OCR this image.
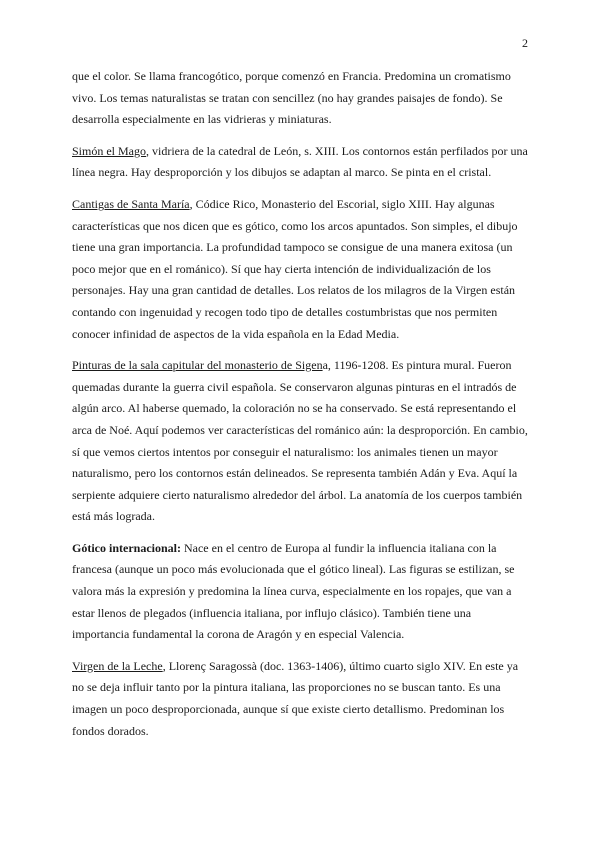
2

que el color. Se llama francogótico, porque comenzó en Francia. Predomina un cromatismo vivo. Los temas naturalistas se tratan con sencillez (no hay grandes paisajes de fondo). Se desarrolla especialmente en las vidrieras y miniaturas.

Simón el Mago, vidriera de la catedral de León, s. XIII. Los contornos están perfilados por una línea negra. Hay desproporción y los dibujos se adaptan al marco. Se pinta en el cristal.

Cantigas de Santa María, Códice Rico, Monasterio del Escorial, siglo XIII. Hay algunas características que nos dicen que es gótico, como los arcos apuntados. Son simples, el dibujo tiene una gran importancia. La profundidad tampoco se consigue de una manera exitosa (un poco mejor que en el románico). Sí que hay cierta intención de individualización de los personajes. Hay una gran cantidad de detalles. Los relatos de los milagros de la Virgen están contando con ingenuidad y recogen todo tipo de detalles costumbristas que nos permiten conocer infinidad de aspectos de la vida española en la Edad Media.

Pinturas de la sala capitular del monasterio de Sigena, 1196-1208. Es pintura mural. Fueron quemadas durante la guerra civil española. Se conservaron algunas pinturas en el intradós de algún arco. Al haberse quemado, la coloración no se ha conservado. Se está representando el arca de Noé. Aquí podemos ver características del románico aún: la desproporción. En cambio, sí que vemos ciertos intentos por conseguir el naturalismo: los animales tienen un mayor naturalismo, pero los contornos están delineados. Se representa también Adán y Eva. Aquí la serpiente adquiere cierto naturalismo alrededor del árbol. La anatomía de los cuerpos también está más lograda.

Gótico internacional: Nace en el centro de Europa al fundir la influencia italiana con la francesa (aunque un poco más evolucionada que el gótico lineal). Las figuras se estilizan, se valora más la expresión y predomina la línea curva, especialmente en los ropajes, que van a estar llenos de plegados (influencia italiana, por influjo clásico). También tiene una importancia fundamental la corona de Aragón y en especial Valencia.

Virgen de la Leche, Llorenç Saragossà (doc. 1363-1406), último cuarto siglo XIV. En este ya no se deja influir tanto por la pintura italiana, las proporciones no se buscan tanto. Es una imagen un poco desproporcionada, aunque sí que existe cierto detallismo. Predominan los fondos dorados.
